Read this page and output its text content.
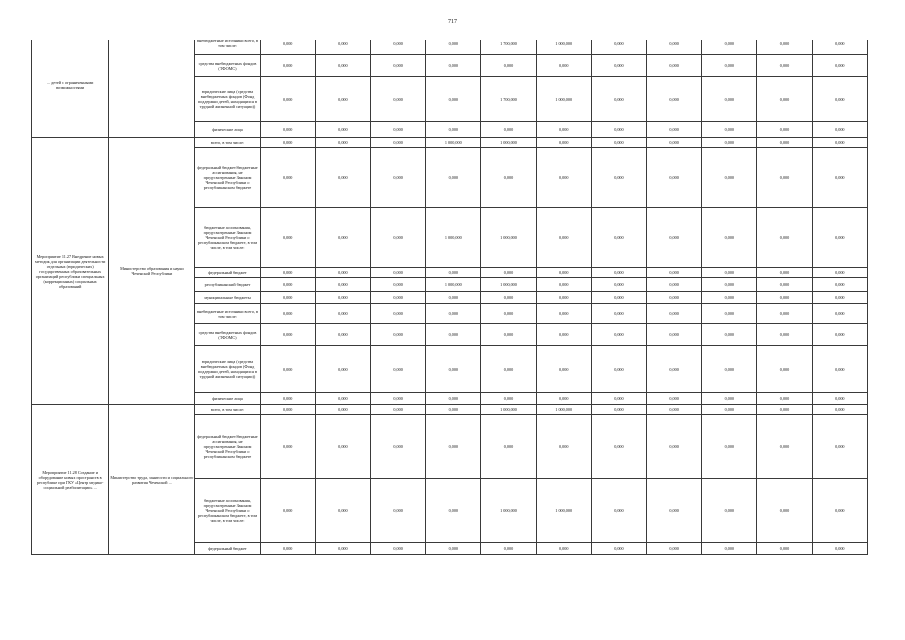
717
... детей с ограниченными возможностями		внебюджетные источники всего, в том числе:	0,000	0,000	0,000	0,000	1 700,000	1 000,000	0,000	0,000	0,000	0,000	0,000
		средства внебюджетных фондов (ТФОМС)	0,000	0,000	0,000	0,000	0,000	0,000	0,000	0,000	0,000	0,000	0,000
		юридические лица (средства внебюджетных фондов (Фонд поддержки детей, находящихся в трудной жизненной ситуации))	0,000	0,000	0,000	0,000	1 700,000	1 000,000	0,000	0,000	0,000	0,000	0,000
		физические лица	0,000	0,000	0,000	0,000	0,000	0,000	0,000	0,000	0,000	0,000	0,000
Мероприятие 11.27 Внедрение новых методик для организации деятельности отдельных (юридических) государственных образовательных организаций республики специальных (коррекционных) социальных образований	Министерство образования и науки Чеченской Республики	всего, в том числе:	0,000	0,000	0,000	1 000,000	1 000,000	0,000	0,000	0,000	0,000	0,000	0,000
		федеральный бюджет/бюджетные ассигнования, не предусмотренные Законом Чеченской Республики о республиканском бюджете	0,000	0,000	0,000	0,000	0,000	0,000	0,000	0,000	0,000	0,000	0,000
		бюджетные ассигнования, предусмотренные Законом Чеченской Республики о республиканском бюджете, в том числе, в том числе:	0,000	0,000	0,000	1 000,000	1 000,000	0,000	0,000	0,000	0,000	0,000	0,000
		федеральный бюджет	0,000	0,000	0,000	0,000	0,000	0,000	0,000	0,000	0,000	0,000	0,000
		республиканский бюджет	0,000	0,000	0,000	1 000,000	1 000,000	0,000	0,000	0,000	0,000	0,000	0,000
		муниципальные бюджеты	0,000	0,000	0,000	0,000	0,000	0,000	0,000	0,000	0,000	0,000	0,000
		внебюджетные источники всего, в том числе:	0,000	0,000	0,000	0,000	0,000	0,000	0,000	0,000	0,000	0,000	0,000
		средства внебюджетных фондов (ТФОМС)	0,000	0,000	0,000	0,000	0,000	0,000	0,000	0,000	0,000	0,000	0,000
		юридические лица (средства внебюджетных фондов (Фонд поддержки детей, находящихся в трудной жизненной ситуации))	0,000	0,000	0,000	0,000	0,000	0,000	0,000	0,000	0,000	0,000	0,000
		физические лица	0,000	0,000	0,000	0,000	0,000	0,000	0,000	0,000	0,000	0,000	0,000
Мероприятие 11.28 Создание и оборудование новых пространств в республике при ГКУ «Центр медико-социальной реабилитации» ...	Министерство труда, занятости и социального развития Чеченской ...	всего, в том числе:	0,000	0,000	0,000	0,000	1 000,000	1 000,000	0,000	0,000	0,000	0,000	0,000
		федеральный бюджет/бюджетные ассигнования, не предусмотренные Законом Чеченской Республики о республиканском бюджете	0,000	0,000	0,000	0,000	0,000	0,000	0,000	0,000	0,000	0,000	0,000
		бюджетные ассигнования, предусмотренные Законом Чеченской Республики о республиканском бюджете, в том числе, в том числе:	0,000	0,000	0,000	0,000	1 000,000	1 000,000	0,000	0,000	0,000	0,000	0,000
		федеральный бюджет	0,000	0,000	0,000	0,000	0,000	0,000	0,000	0,000	0,000	0,000	0,000
